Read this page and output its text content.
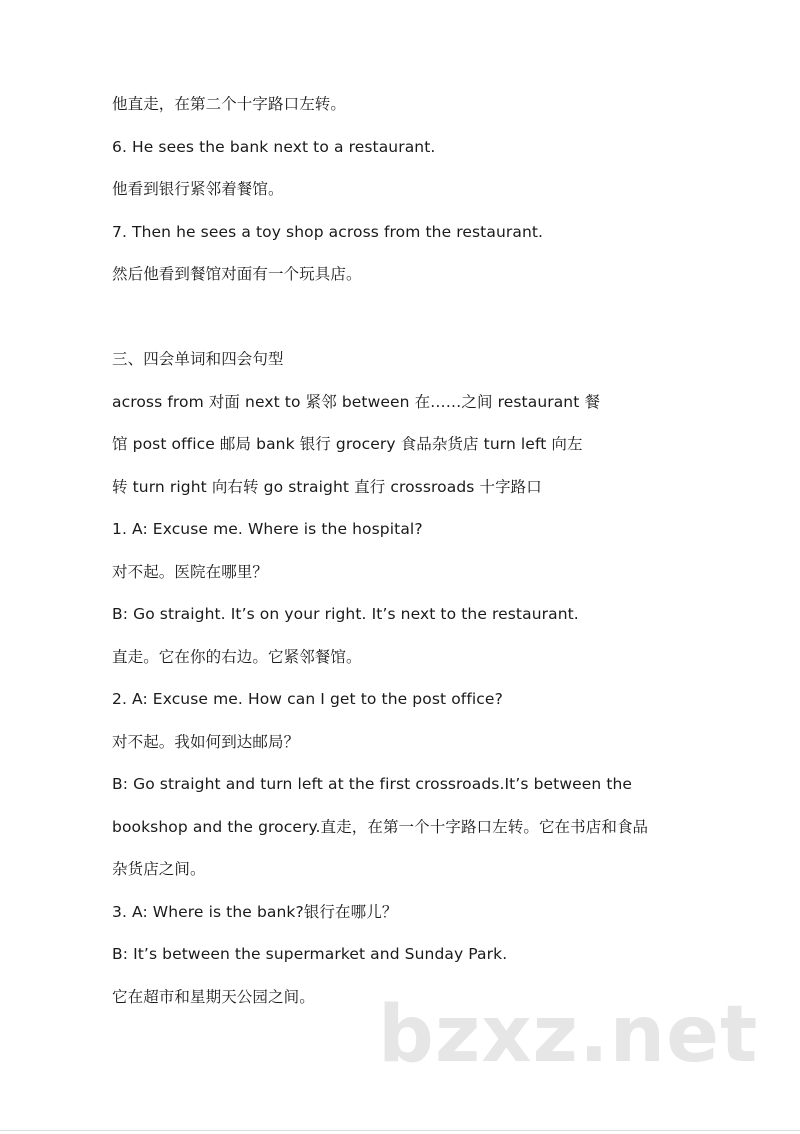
他直走，在第二个十字路口左转。
6. He sees the bank next to a restaurant.
他看到银行紧邻着餐馆。
7. Then he sees a toy shop across from the restaurant.
然后他看到餐馆对面有一个玩具店。
三、四会单词和四会句型
across from 对面 next to 紧邻 between 在……之间 restaurant 餐
馆 post office 邮局 bank 银行 grocery 食品杂货店 turn left 向左
转 turn right 向右转 go straight 直行 crossroads 十字路口
1. A: Excuse me. Where is the hospital?
对不起。医院在哪里？
B: Go straight. It’s on your right. It’s next to the restaurant.
直走。它在你的右边。它紧邻餐馆。
2. A: Excuse me. How can I get to the post office?
对不起。我如何到达邮局？
B: Go straight and turn left at the first crossroads.It’s between the
bookshop and the grocery.直走，在第一个十字路口左转。它在书店和食品
杂货店之间。
3. A: Where is the bank?银行在哪儿？
B: It’s between the supermarket and Sunday Park.
它在超市和星期天公园之间。 bzxz.net
